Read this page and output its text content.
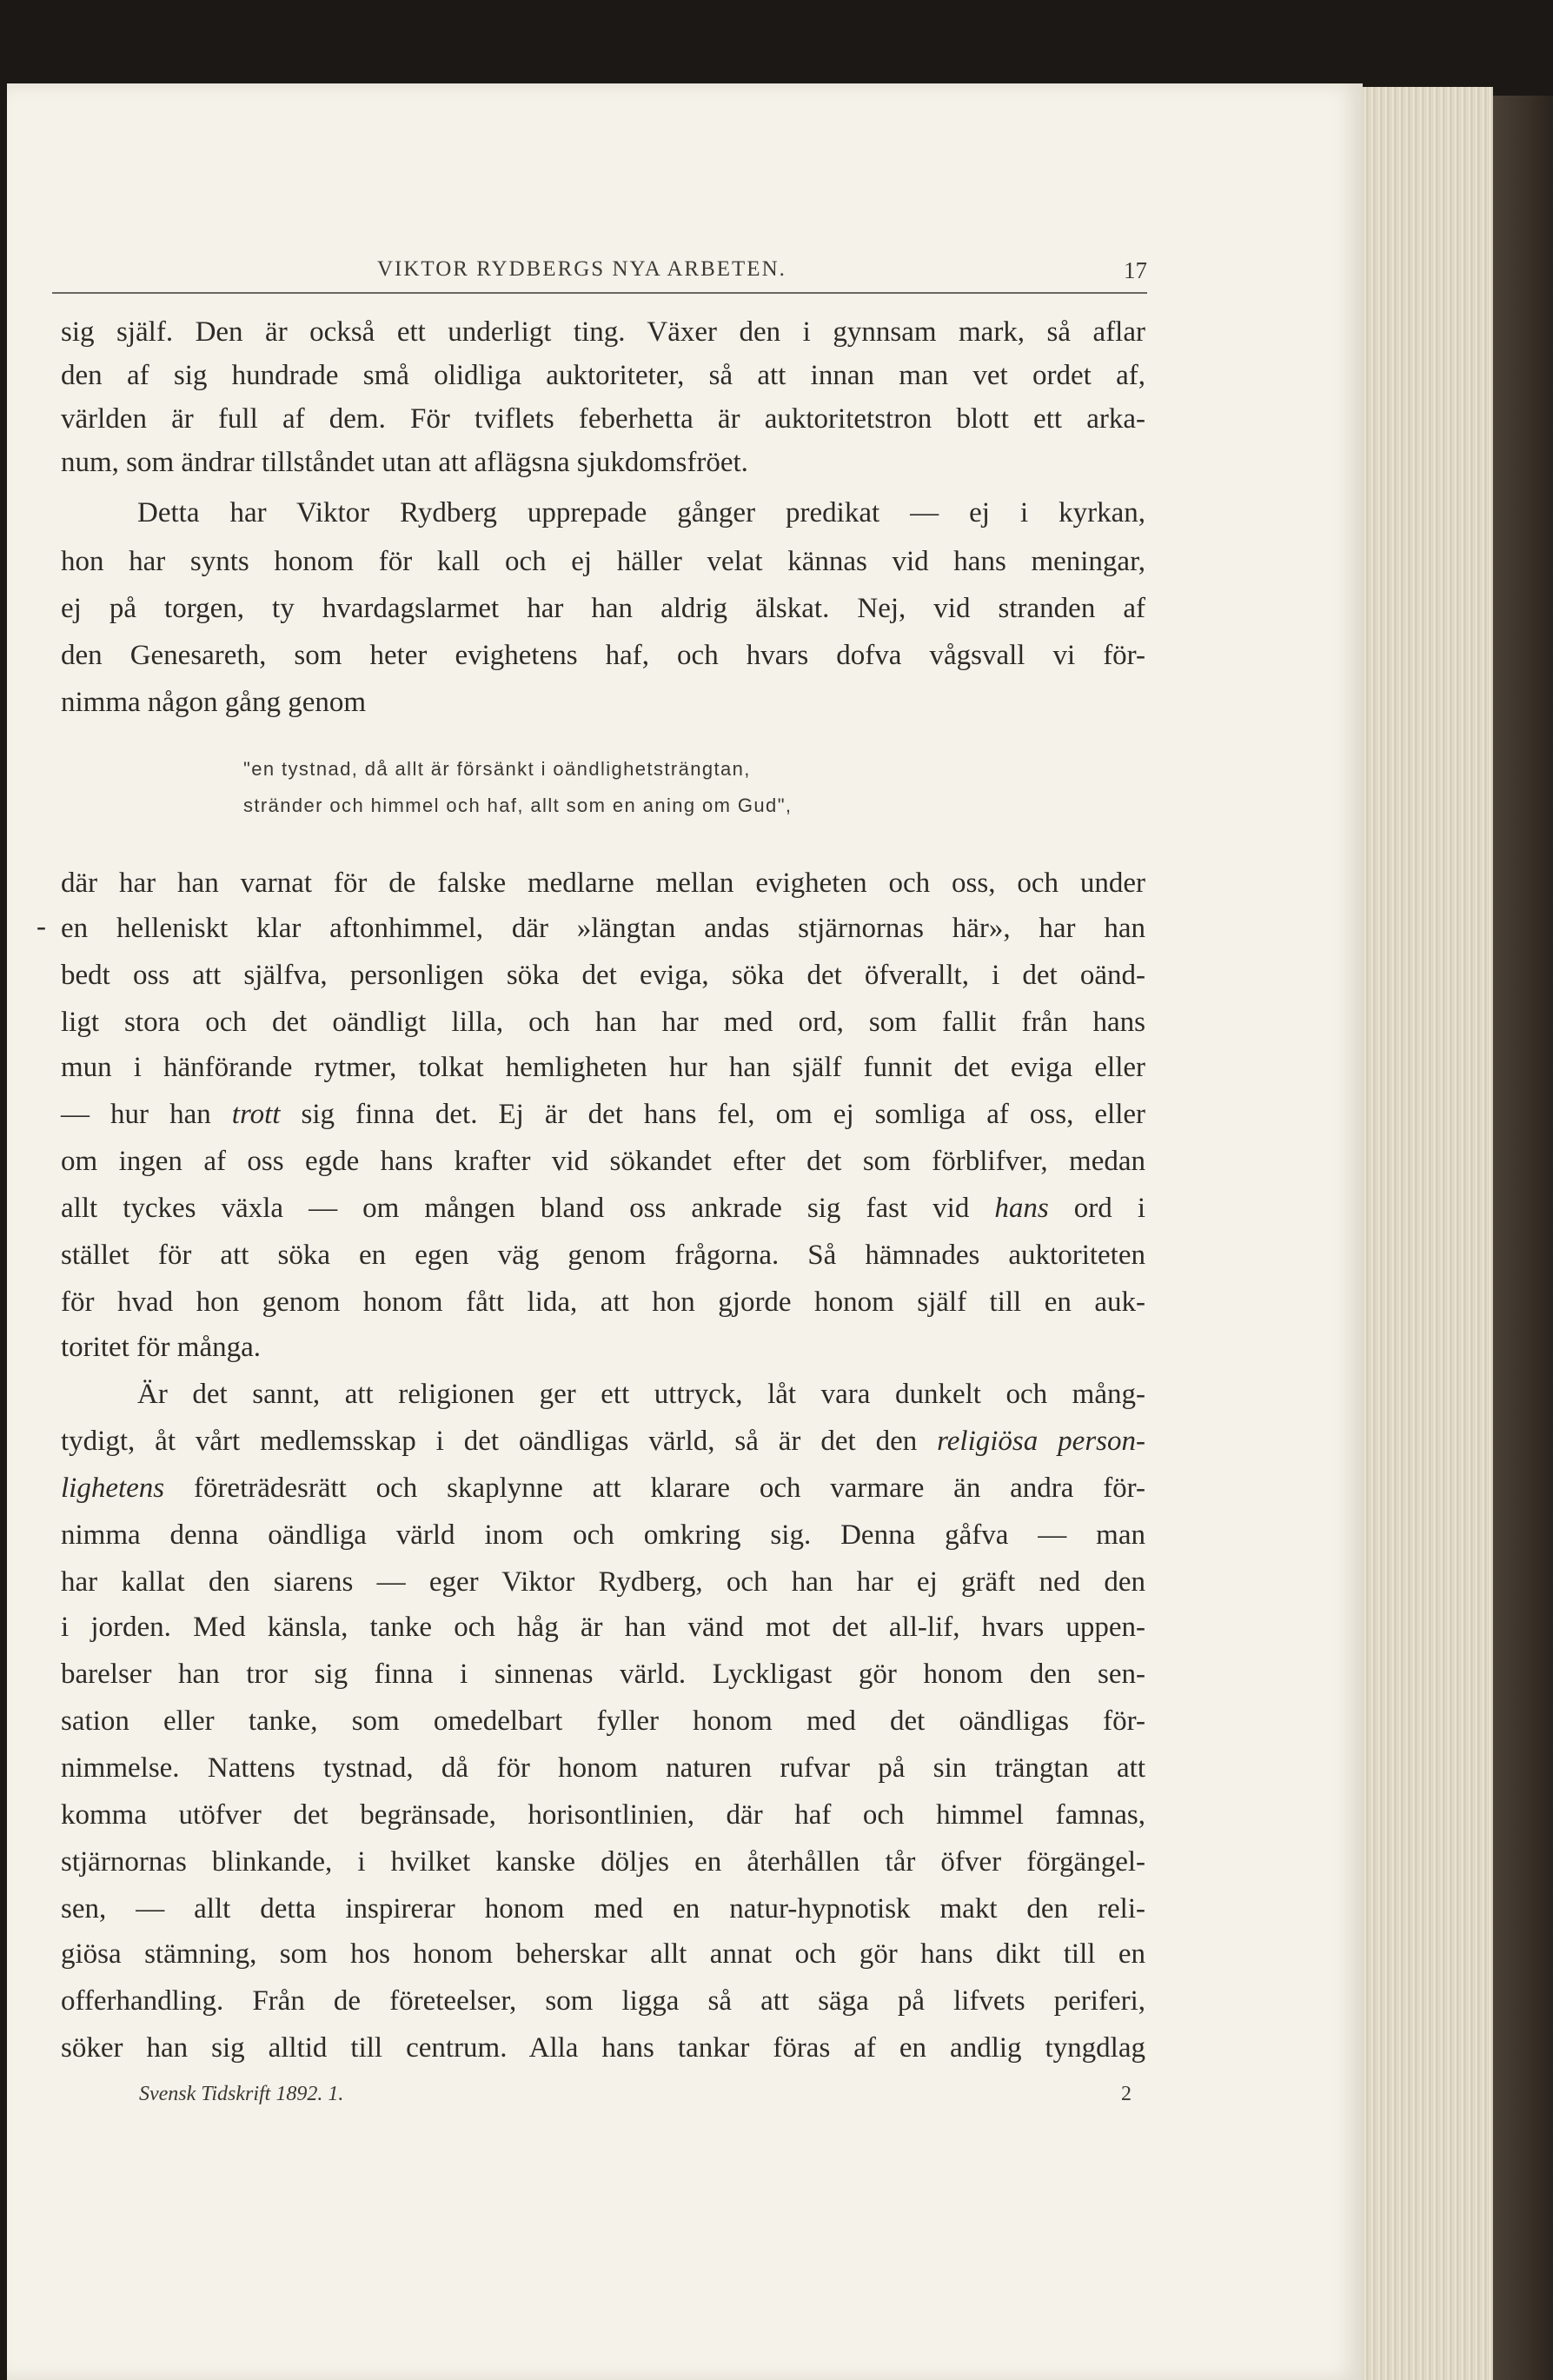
VIKTOR RYDBERGS NYA ARBETEN.	17
sig själf. Den är också ett underligt ting. Växer den i gynnsam mark, så aflar
den af sig hundrade små olidliga auktoriteter, så att innan man vet ordet af,
världen är full af dem. För tviflets feberhetta är auktoritetstron blott ett arka-
num, som ändrar tillståndet utan att aflägsna sjukdomsfröet.
Detta har Viktor Rydberg upprepade gånger predikat — ej i kyrkan,
hon har synts honom för kall och ej häller velat kännas vid hans meningar,
ej på torgen, ty hvardagslarmet har han aldrig älskat. Nej, vid stranden af
den Genesareth, som heter evighetens haf, och hvars dofva vågsvall vi för-
nimma någon gång genom
"en tystnad, då allt är försänkt i oändlighetsträngtan,
stränder och himmel och haf, allt som en aning om Gud",
-
där har han varnat för de falske medlarne mellan evigheten och oss, och under
en helleniskt klar aftonhimmel, där »längtan andas stjärnornas här», har han
bedt oss att själfva, personligen söka det eviga, söka det öfverallt, i det oänd-
ligt stora och det oändligt lilla, och han har med ord, som fallit från hans
mun i hänförande rytmer, tolkat hemligheten hur han själf funnit det eviga eller
— hur han trott sig finna det. Ej är det hans fel, om ej somliga af oss, eller
om ingen af oss egde hans krafter vid sökandet efter det som förblifver, medan
allt tyckes växla — om mången bland oss ankrade sig fast vid hans ord i
stället för att söka en egen väg genom frågorna. Så hämnades auktoriteten
för hvad hon genom honom fått lida, att hon gjorde honom själf till en auk-
toritet för många.
Är det sannt, att religionen ger ett uttryck, låt vara dunkelt och mång-
tydigt, åt vårt medlemsskap i det oändligas värld, så är det den religiösa person-
lighetens företrädesrätt och skaplynne att klarare och varmare än andra för-
nimma denna oändliga värld inom och omkring sig. Denna gåfva — man
har kallat den siarens — eger Viktor Rydberg, och han har ej gräft ned den
i jorden. Med känsla, tanke och håg är han vänd mot det all-lif, hvars uppen-
barelser han tror sig finna i sinnenas värld. Lyckligast gör honom den sen-
sation eller tanke, som omedelbart fyller honom med det oändligas för-
nimmelse. Nattens tystnad, då för honom naturen rufvar på sin trängtan att
komma utöfver det begränsade, horisontlinien, där haf och himmel famnas,
stjärnornas blinkande, i hvilket kanske döljes en återhållen tår öfver förgängel-
sen, — allt detta inspirerar honom med en natur-hypnotisk makt den reli-
giösa stämning, som hos honom beherskar allt annat och gör hans dikt till en
offerhandling. Från de företeelser, som ligga så att säga på lifvets periferi,
söker han sig alltid till centrum. Alla hans tankar föras af en andlig tyngdlag
Svensk Tidskrift 1892. 1.	2
